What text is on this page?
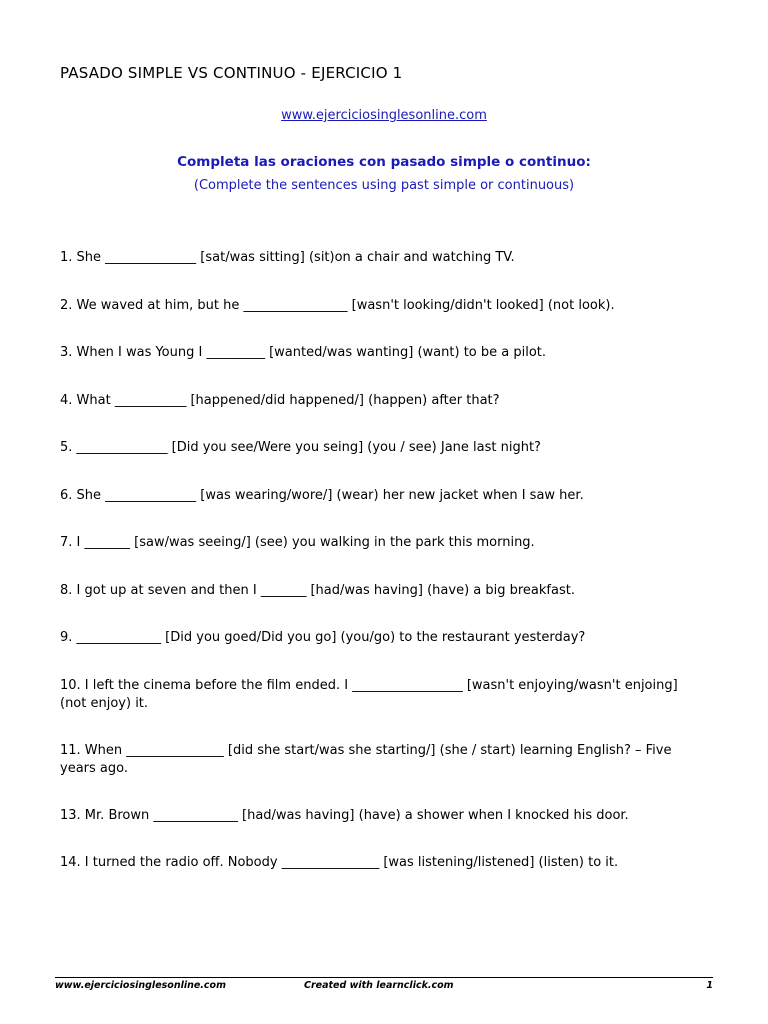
PASADO SIMPLE VS CONTINUO - EJERCICIO 1
www.ejerciciosinglesonline.com
Completa las oraciones con pasado simple o continuo:
(Complete the sentences using past simple or continuous)
1. She ______________ [sat/was sitting] (sit)on a chair and watching TV.
2. We waved at him, but he ________________ [wasn't looking/didn't looked] (not look).
3. When I was Young I _________ [wanted/was wanting] (want) to be a pilot.
4. What ___________ [happened/did happened/] (happen) after that?
5. ______________ [Did you see/Were you seing] (you / see) Jane last night?
6. She ______________ [was wearing/wore/] (wear) her new jacket when I saw her.
7. I _______ [saw/was seeing/] (see) you walking in the park this morning.
8. I got up at seven and then I _______ [had/was having] (have) a big breakfast.
9. _____________ [Did you goed/Did you go] (you/go) to the restaurant yesterday?
10. I left the cinema before the film ended. I _________________ [wasn't enjoying/wasn't enjoing] (not enjoy) it.
11. When _______________ [did she start/was she starting/] (she / start) learning English? – Five years ago.
13. Mr. Brown _____________ [had/was having] (have) a shower when I knocked his door.
14. I turned the radio off. Nobody _______________ [was listening/listened] (listen) to it.
www.ejerciciosinglesonline.com	Created with learnclick.com	1
